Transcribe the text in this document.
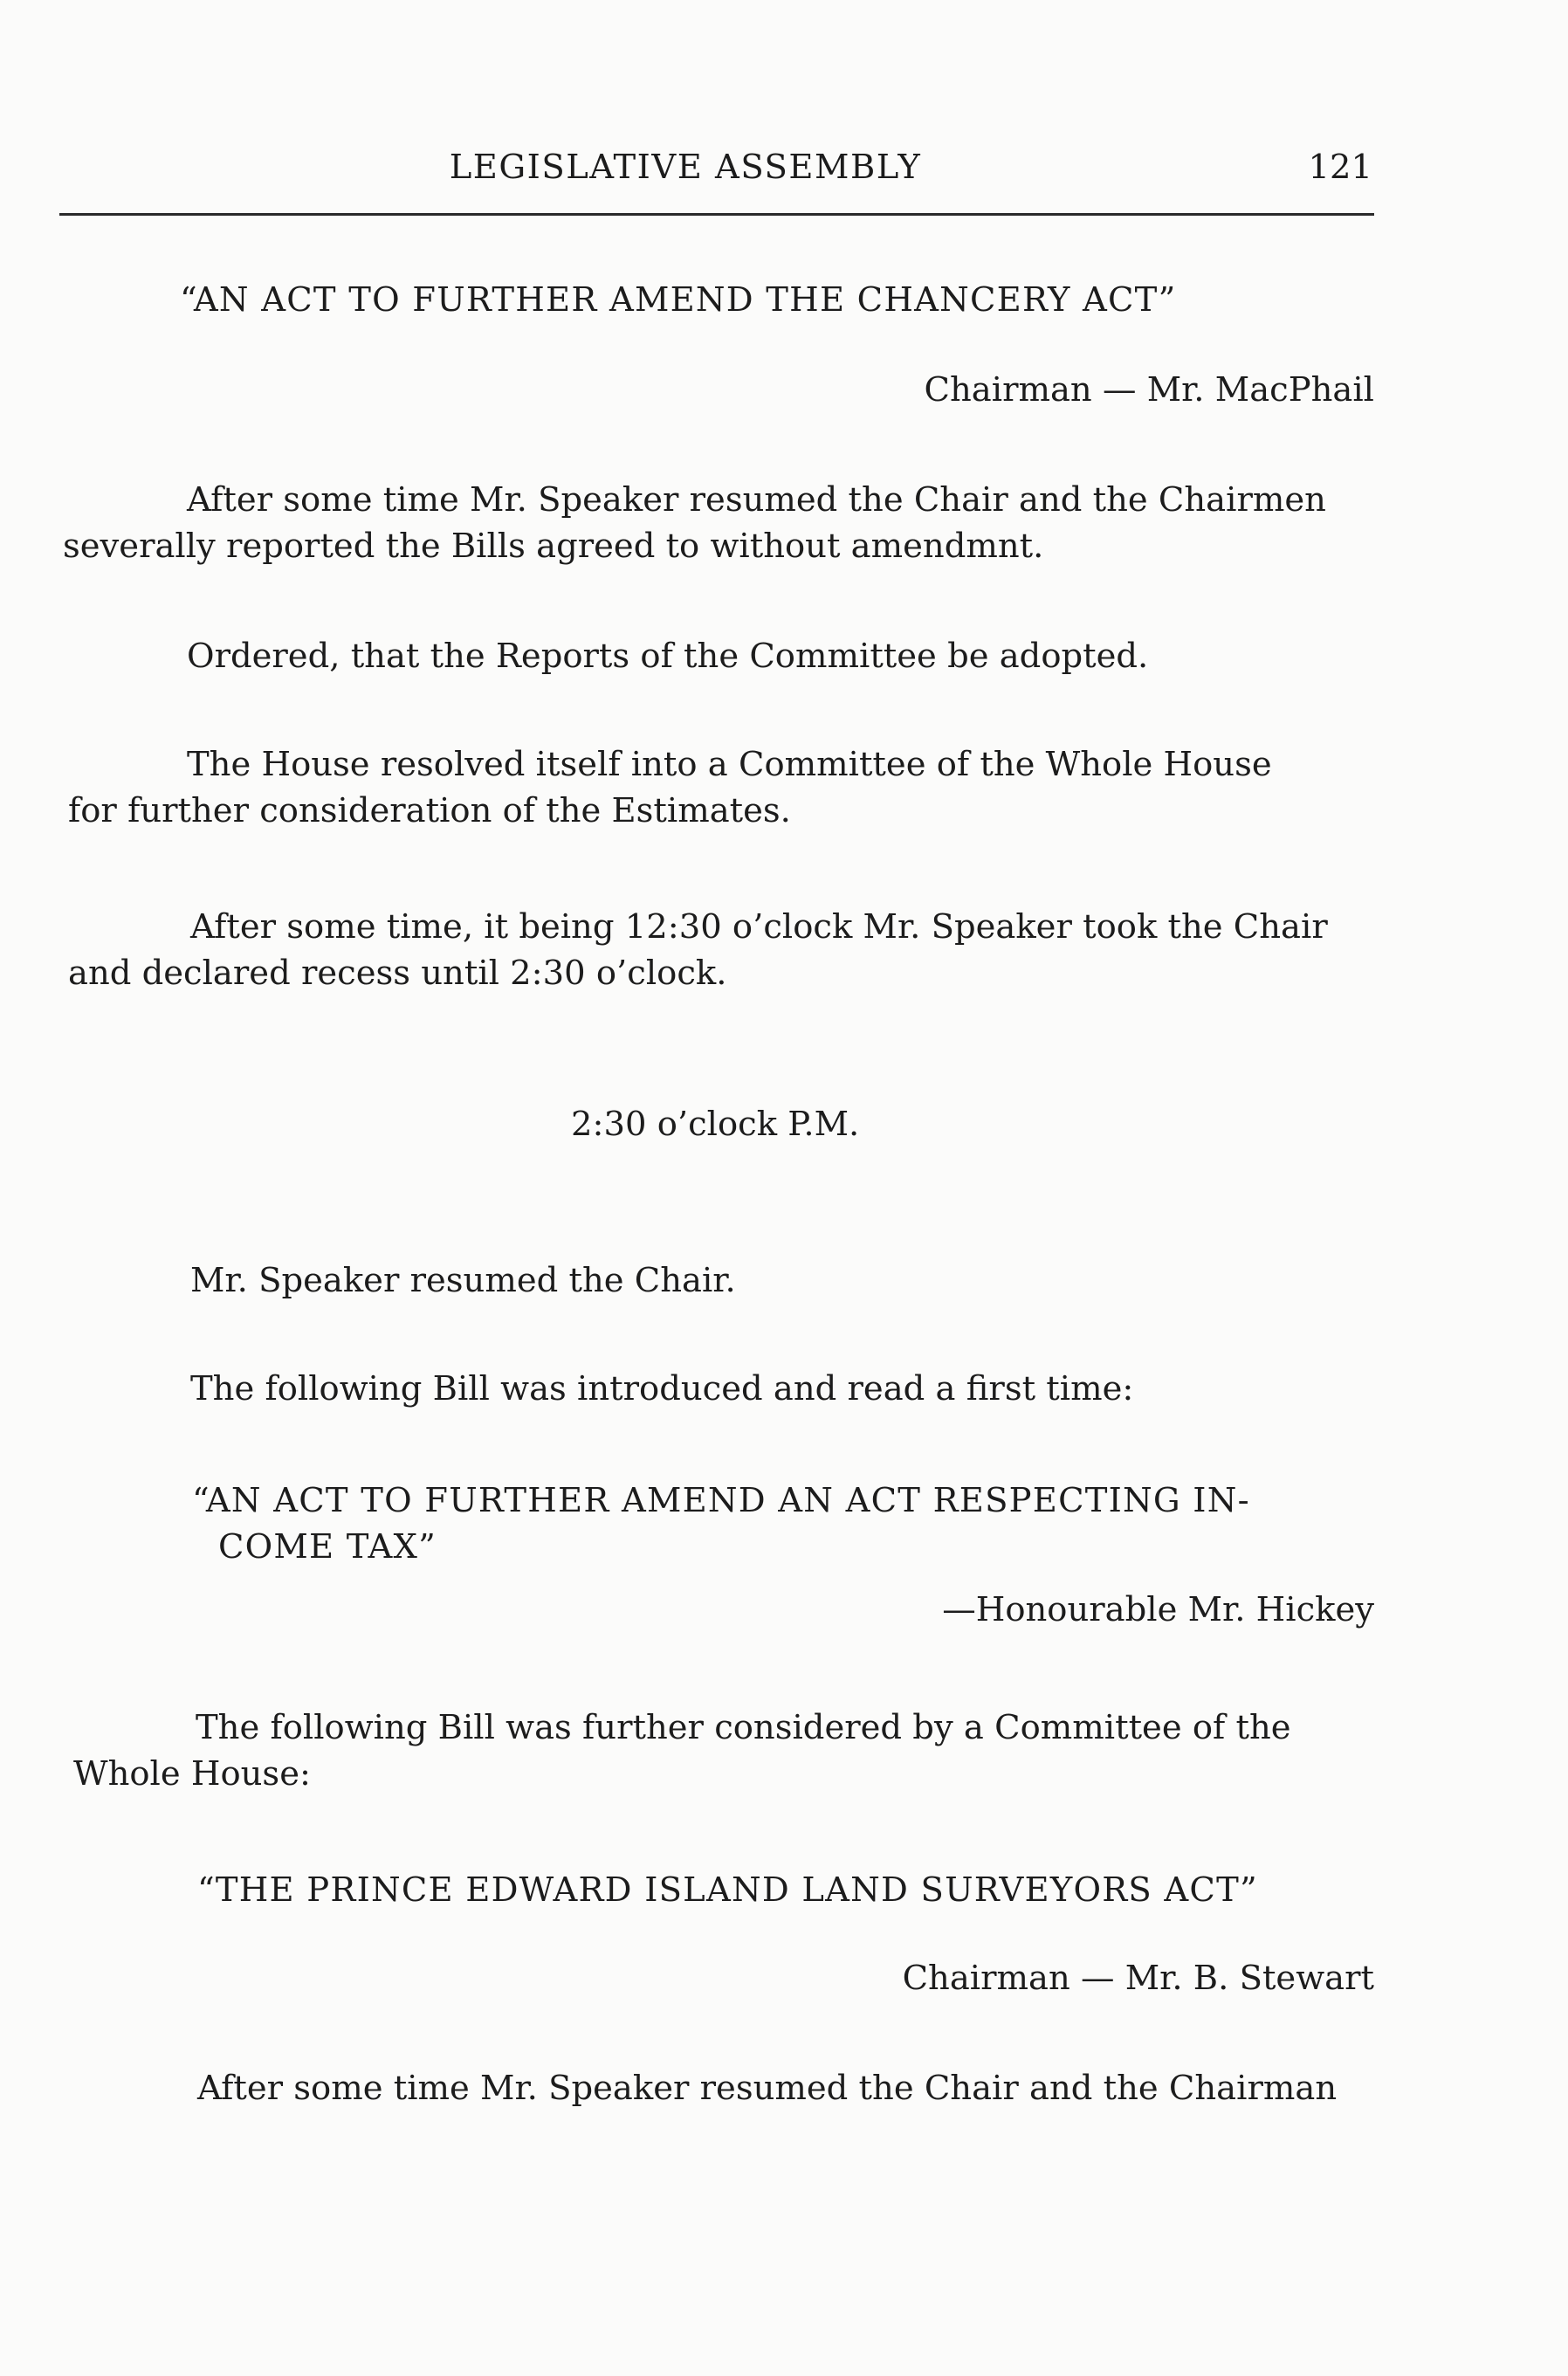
LEGISLATIVE ASSEMBLY	121
“AN ACT TO FURTHER AMEND THE CHANCERY ACT”
Chairman — Mr. MacPhail
After some time Mr. Speaker resumed the Chair and the Chairmen
severally reported the Bills agreed to without amendmnt.
Ordered, that the Reports of the Committee be adopted.
The House resolved itself into a Committee of the Whole House
for further consideration of the Estimates.
After some time, it being 12:30 o’clock Mr. Speaker took the Chair
and declared recess until 2:30 o’clock.
2:30 o’clock P.M.
Mr. Speaker resumed the Chair.
The following Bill was introduced and read a first time:
“AN ACT TO FURTHER AMEND AN ACT RESPECTING IN-
COME TAX”
—Honourable Mr. Hickey
The following Bill was further considered by a Committee of the
Whole House:
“THE PRINCE EDWARD ISLAND LAND SURVEYORS ACT”
Chairman — Mr. B. Stewart
After some time Mr. Speaker resumed the Chair and the Chairman
